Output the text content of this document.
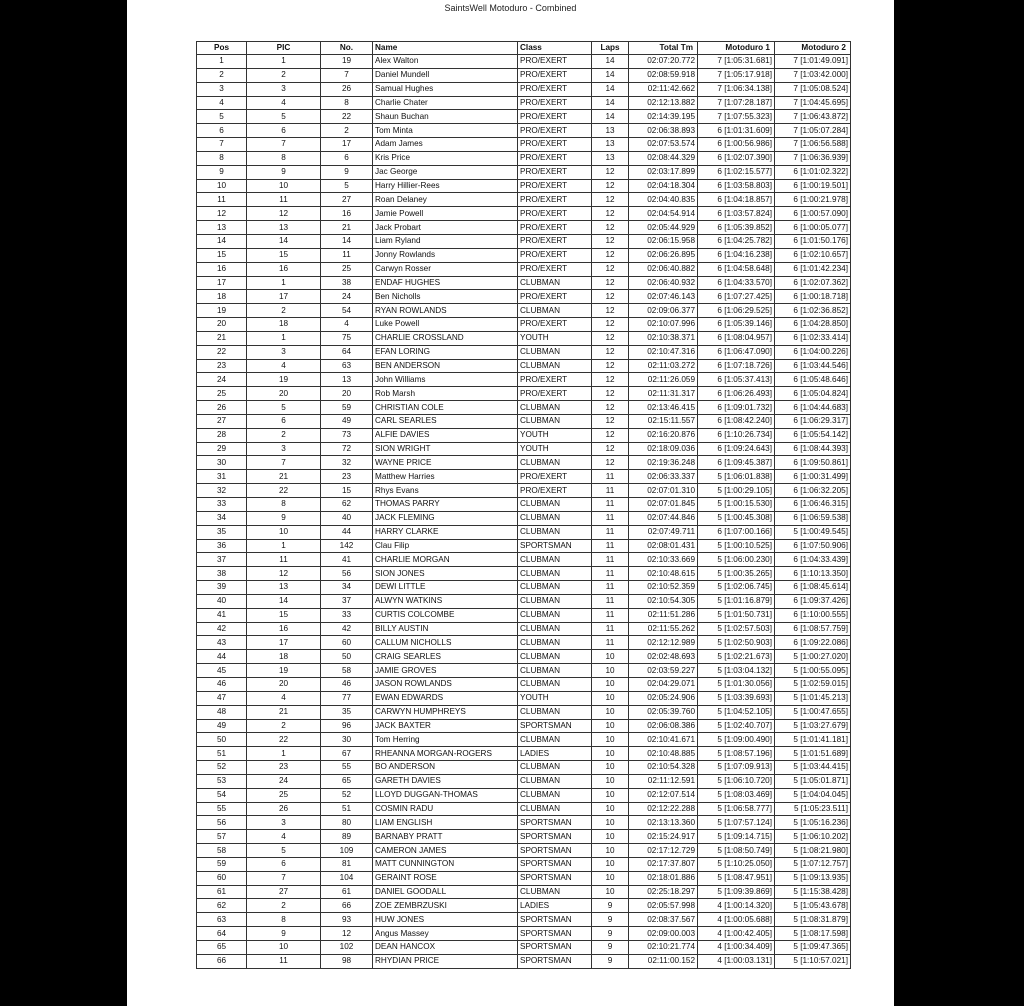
SaintsWell Motoduro - Combined
Pos	PIC	No.	Name	Class	Laps	Total Tm	Motoduro 1	Motoduro 2
1	1	19	Alex Walton	PRO/EXERT	14	02:07:20.772	7 [1:05:31.681]	7 [1:01:49.091]
2	2	7	Daniel Mundell	PRO/EXERT	14	02:08:59.918	7 [1:05:17.918]	7 [1:03:42.000]
3	3	26	Samual Hughes	PRO/EXERT	14	02:11:42.662	7 [1:06:34.138]	7 [1:05:08.524]
4	4	8	Charlie Chater	PRO/EXERT	14	02:12:13.882	7 [1:07:28.187]	7 [1:04:45.695]
5	5	22	Shaun Buchan	PRO/EXERT	14	02:14:39.195	7 [1:07:55.323]	7 [1:06:43.872]
6	6	2	Tom Minta	PRO/EXERT	13	02:06:38.893	6 [1:01:31.609]	7 [1:05:07.284]
7	7	17	Adam James	PRO/EXERT	13	02:07:53.574	6 [1:00:56.986]	7 [1:06:56.588]
8	8	6	Kris Price	PRO/EXERT	13	02:08:44.329	6 [1:02:07.390]	7 [1:06:36.939]
9	9	9	Jac George	PRO/EXERT	12	02:03:17.899	6 [1:02:15.577]	6 [1:01:02.322]
10	10	5	Harry Hillier-Rees	PRO/EXERT	12	02:04:18.304	6 [1:03:58.803]	6 [1:00:19.501]
11	11	27	Roan Delaney	PRO/EXERT	12	02:04:40.835	6 [1:04:18.857]	6 [1:00:21.978]
12	12	16	Jamie Powell	PRO/EXERT	12	02:04:54.914	6 [1:03:57.824]	6 [1:00:57.090]
13	13	21	Jack Probart	PRO/EXERT	12	02:05:44.929	6 [1:05:39.852]	6 [1:00:05.077]
14	14	14	Liam Ryland	PRO/EXERT	12	02:06:15.958	6 [1:04:25.782]	6 [1:01:50.176]
15	15	11	Jonny Rowlands	PRO/EXERT	12	02:06:26.895	6 [1:04:16.238]	6 [1:02:10.657]
16	16	25	Carwyn Rosser	PRO/EXERT	12	02:06:40.882	6 [1:04:58.648]	6 [1:01:42.234]
17	1	38	ENDAF HUGHES	CLUBMAN	12	02:06:40.932	6 [1:04:33.570]	6 [1:02:07.362]
18	17	24	Ben Nicholls	PRO/EXERT	12	02:07:46.143	6 [1:07:27.425]	6 [1:00:18.718]
19	2	54	RYAN ROWLANDS	CLUBMAN	12	02:09:06.377	6 [1:06:29.525]	6 [1:02:36.852]
20	18	4	Luke Powell	PRO/EXERT	12	02:10:07.996	6 [1:05:39.146]	6 [1:04:28.850]
21	1	75	CHARLIE CROSSLAND	YOUTH	12	02:10:38.371	6 [1:08:04.957]	6 [1:02:33.414]
22	3	64	EFAN LORING	CLUBMAN	12	02:10:47.316	6 [1:06:47.090]	6 [1:04:00.226]
23	4	63	BEN ANDERSON	CLUBMAN	12	02:11:03.272	6 [1:07:18.726]	6 [1:03:44.546]
24	19	13	John Williams	PRO/EXERT	12	02:11:26.059	6 [1:05:37.413]	6 [1:05:48.646]
25	20	20	Rob Marsh	PRO/EXERT	12	02:11:31.317	6 [1:06:26.493]	6 [1:05:04.824]
26	5	59	CHRISTIAN COLE	CLUBMAN	12	02:13:46.415	6 [1:09:01.732]	6 [1:04:44.683]
27	6	49	CARL SEARLES	CLUBMAN	12	02:15:11.557	6 [1:08:42.240]	6 [1:06:29.317]
28	2	73	ALFIE DAVIES	YOUTH	12	02:16:20.876	6 [1:10:26.734]	6 [1:05:54.142]
29	3	72	SION WRIGHT	YOUTH	12	02:18:09.036	6 [1:09:24.643]	6 [1:08:44.393]
30	7	32	WAYNE PRICE	CLUBMAN	12	02:19:36.248	6 [1:09:45.387]	6 [1:09:50.861]
31	21	23	Matthew Harries	PRO/EXERT	11	02:06:33.337	5 [1:06:01.838]	6 [1:00:31.499]
32	22	15	Rhys Evans	PRO/EXERT	11	02:07:01.310	5 [1:00:29.105]	6 [1:06:32.205]
33	8	62	THOMAS PARRY	CLUBMAN	11	02:07:01.845	5 [1:00:15.530]	6 [1:06:46.315]
34	9	40	JACK FLEMING	CLUBMAN	11	02:07:44.846	5 [1:00:45.308]	6 [1:06:59.538]
35	10	44	HARRY CLARKE	CLUBMAN	11	02:07:49.711	6 [1:07:00.166]	5 [1:00:49.545]
36	1	142	Clau Filip	SPORTSMAN	11	02:08:01.431	5 [1:00:10.525]	6 [1:07:50.906]
37	11	41	CHARLIE MORGAN	CLUBMAN	11	02:10:33.669	5 [1:06:00.230]	6 [1:04:33.439]
38	12	56	SION JONES	CLUBMAN	11	02:10:48.615	5 [1:00:35.265]	6 [1:10:13.350]
39	13	34	DEWI LITTLE	CLUBMAN	11	02:10:52.359	5 [1:02:06.745]	6 [1:08:45.614]
40	14	37	ALWYN WATKINS	CLUBMAN	11	02:10:54.305	5 [1:01:16.879]	6 [1:09:37.426]
41	15	33	CURTIS COLCOMBE	CLUBMAN	11	02:11:51.286	5 [1:01:50.731]	6 [1:10:00.555]
42	16	42	BILLY AUSTIN	CLUBMAN	11	02:11:55.262	5 [1:02:57.503]	6 [1:08:57.759]
43	17	60	CALLUM NICHOLLS	CLUBMAN	11	02:12:12.989	5 [1:02:50.903]	6 [1:09:22.086]
44	18	50	CRAIG SEARLES	CLUBMAN	10	02:02:48.693	5 [1:02:21.673]	5 [1:00:27.020]
45	19	58	JAMIE GROVES	CLUBMAN	10	02:03:59.227	5 [1:03:04.132]	5 [1:00:55.095]
46	20	46	JASON ROWLANDS	CLUBMAN	10	02:04:29.071	5 [1:01:30.056]	5 [1:02:59.015]
47	4	77	EWAN EDWARDS	YOUTH	10	02:05:24.906	5 [1:03:39.693]	5 [1:01:45.213]
48	21	35	CARWYN HUMPHREYS	CLUBMAN	10	02:05:39.760	5 [1:04:52.105]	5 [1:00:47.655]
49	2	96	JACK BAXTER	SPORTSMAN	10	02:06:08.386	5 [1:02:40.707]	5 [1:03:27.679]
50	22	30	Tom Herring	CLUBMAN	10	02:10:41.671	5 [1:09:00.490]	5 [1:01:41.181]
51	1	67	RHEANNA MORGAN-ROGERS	LADIES	10	02:10:48.885	5 [1:08:57.196]	5 [1:01:51.689]
52	23	55	BO ANDERSON	CLUBMAN	10	02:10:54.328	5 [1:07:09.913]	5 [1:03:44.415]
53	24	65	GARETH DAVIES	CLUBMAN	10	02:11:12.591	5 [1:06:10.720]	5 [1:05:01.871]
54	25	52	LLOYD DUGGAN-THOMAS	CLUBMAN	10	02:12:07.514	5 [1:08:03.469]	5 [1:04:04.045]
55	26	51	COSMIN RADU	CLUBMAN	10	02:12:22.288	5 [1:06:58.777]	5 [1:05:23.511]
56	3	80	LIAM ENGLISH	SPORTSMAN	10	02:13:13.360	5 [1:07:57.124]	5 [1:05:16.236]
57	4	89	BARNABY PRATT	SPORTSMAN	10	02:15:24.917	5 [1:09:14.715]	5 [1:06:10.202]
58	5	109	CAMERON JAMES	SPORTSMAN	10	02:17:12.729	5 [1:08:50.749]	5 [1:08:21.980]
59	6	81	MATT CUNNINGTON	SPORTSMAN	10	02:17:37.807	5 [1:10:25.050]	5 [1:07:12.757]
60	7	104	GERAINT ROSE	SPORTSMAN	10	02:18:01.886	5 [1:08:47.951]	5 [1:09:13.935]
61	27	61	DANIEL GOODALL	CLUBMAN	10	02:25:18.297	5 [1:09:39.869]	5 [1:15:38.428]
62	2	66	ZOE ZEMBRZUSKI	LADIES	9	02:05:57.998	4 [1:00:14.320]	5 [1:05:43.678]
63	8	93	HUW JONES	SPORTSMAN	9	02:08:37.567	4 [1:00:05.688]	5 [1:08:31.879]
64	9	12	Angus Massey	SPORTSMAN	9	02:09:00.003	4 [1:00:42.405]	5 [1:08:17.598]
65	10	102	DEAN HANCOX	SPORTSMAN	9	02:10:21.774	4 [1:00:34.409]	5 [1:09:47.365]
66	11	98	RHYDIAN PRICE	SPORTSMAN	9	02:11:00.152	4 [1:00:03.131]	5 [1:10:57.021]
